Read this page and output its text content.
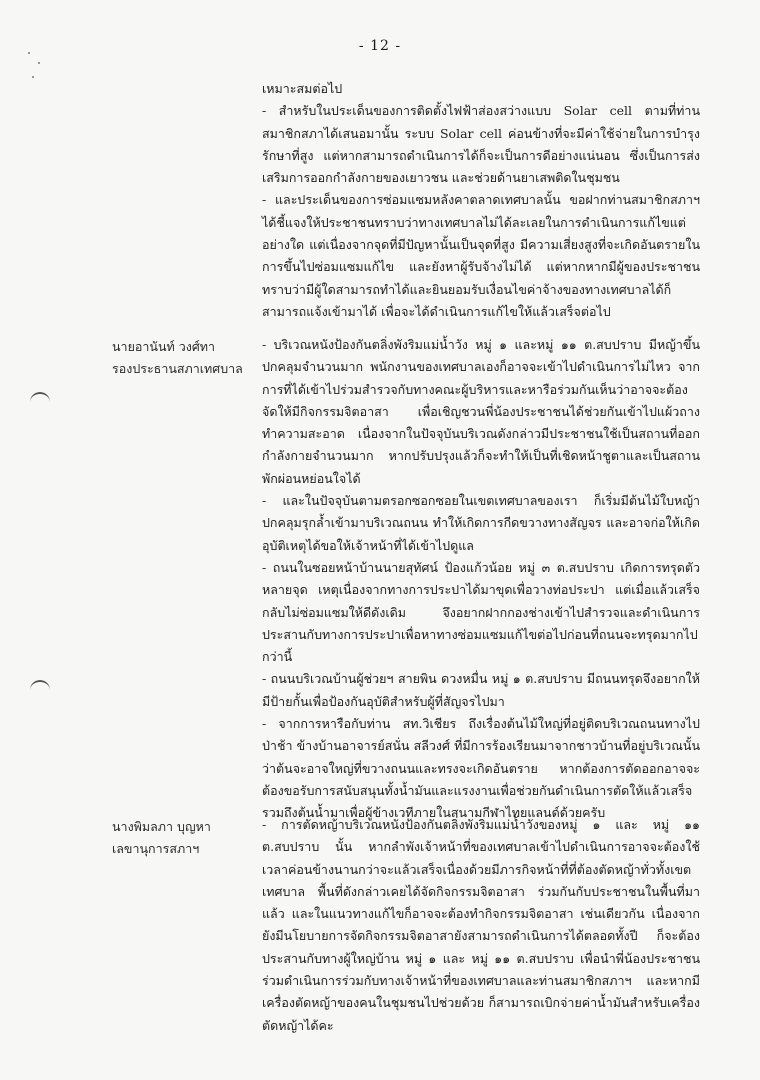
- 12 -
นายอานันท์ วงศ์ทา
รองประธานสภาเทศบาล
นางพิมลภา บุญหา
เลขานุการสภาฯ

เหมาะสมต่อไป

- สำหรับในประเด็นของการติดตั้งไฟฟ้าส่องสว่างแบบ Solar cell ตามที่ท่านสมาชิกสภาได้เสนอมานั้น ระบบ Solar cell ค่อนข้างที่จะมีค่าใช้จ่ายในการบำรุงรักษาที่สูง แต่หากสามารถดำเนินการได้ก็จะเป็นการดีอย่างแน่นอน ซึ่งเป็นการส่งเสริมการออกกำลังกายของเยาวชน และช่วยด้านยาเสพติดในชุมชน

- และประเด็นของการซ่อมแซมหลังคาตลาดเทศบาลนั้น ขอฝากท่านสมาชิกสภาฯ ได้ชี้แจงให้ประชาชนทราบว่าทางเทศบาลไม่ได้ละเลยในการดำเนินการแก้ไขแต่อย่างใด แต่เนื่องจากจุดที่มีปัญหานั้นเป็นจุดที่สูง มีความเสี่ยงสูงที่จะเกิดอันตรายในการขึ้นไปซ่อมแซมแก้ไข และยังหาผู้รับจ้างไม่ได้ แต่หากหากมีผู้ของประชาชนทราบว่ามีผู้ใดสามารถทำได้และยินยอมรับเงื่อนไขค่าจ้างของทางเทศบาลได้ก็สามารถแจ้งเข้ามาได้ เพื่อจะได้ดำเนินการแก้ไขให้แล้วเสร็จต่อไป

- บริเวณหนังป้องกันตลิ่งพังริมแม่น้ำวัง หมู่ ๑ และหมู่ ๑๑ ต.สบปราบ มีหญ้าขึ้นปกคลุมจำนวนมาก พนักงานของเทศบาลเองก็อาจจะเข้าไปดำเนินการไม่ไหว จากการที่ได้เข้าไปร่วมสำรวจกับทางคณะผู้บริหารและหารือร่วมกันเห็นว่าอาจจะต้องจัดให้มีกิจกรรมจิตอาสา เพื่อเชิญชวนพี่น้องประชาชนได้ช่วยกันเข้าไปแผ้วถางทำความสะอาด เนื่องจากในปัจจุบันบริเวณดังกล่าวมีประชาชนใช้เป็นสถานที่ออกกำลังกายจำนวนมาก หากปรับปรุงแล้วก็จะทำให้เป็นที่เชิดหน้าชูตาและเป็นสถานพักผ่อนหย่อนใจได้

- และในปัจจุบันตามตรอกซอกซอยในเขตเทศบาลของเรา ก็เริ่มมีต้นไม้ใบหญ้าปกคลุมรุกล้ำเข้ามาบริเวณถนน ทำให้เกิดการกีดขวางทางสัญจร และอาจก่อให้เกิดอุบัติเหตุได้ขอให้เจ้าหน้าที่ได้เข้าไปดูแล

- ถนนในซอยหน้าบ้านนายสุทัศน์ ป้องแก้วน้อย หมู่ ๓ ต.สบปราบ เกิดการทรุดตัวหลายจุด เหตุเนื่องจากทางการประปาได้มาขุดเพื่อวางท่อประปา แต่เมื่อแล้วเสร็จกลับไม่ซ่อมแซมให้ดีดังเดิม จึงอยากฝากกองช่างเข้าไปสำรวจและดำเนินการประสานกับทางการประปาเพื่อหาทางซ่อมแซมแก้ไขต่อไปก่อนที่ถนนจะทรุดมากไปกว่านี้

- ถนนบริเวณบ้านผู้ช่วยฯ สายพิน ดวงหมื่น หมู่ ๑ ต.สบปราบ มีถนนทรุดจึงอยากให้มีป้ายกั้นเพื่อป้องกันอุบัติสำหรับผู้ที่สัญจรไปมา

- จากการหารือกับท่าน สท.วิเชียร ถึงเรื่องต้นไม้ใหญ่ที่อยู่ติดบริเวณถนนทางไปป่าช้า ข้างบ้านอาจารย์สนั่น สลีวงศ์ ที่มีการร้องเรียนมาจากชาวบ้านที่อยู่บริเวณนั้นว่าต้นจะอาจใหญ่ที่ขวางถนนและทรงจะเกิดอันตราย หากต้องการตัดออกอาจจะต้องขอรับการสนับสนุนทั้งน้ำมันและแรงงานเพื่อช่วยกันดำเนินการตัดให้แล้วเสร็จ รวมถึงต้นน้ำมาเพื่อผู้ข้างเวทีภายในสนามกีฬาไทยแลนด์ด้วยครับ

- การตัดหญ้าบริเวณหนังป้องกันตลิ่งพังริมแม่น้ำวังของหมู่ ๑ และ หมู่ ๑๑ ต.สบปราบ นั้น หากลำพังเจ้าหน้าที่ของเทศบาลเข้าไปดำเนินการอาจจะต้องใช้เวลาค่อนข้างนานกว่าจะแล้วเสร็จเนื่องด้วยมีภารกิจหน้าที่ที่ต้องตัดหญ้าทั่วทั้งเขตเทศบาล พื้นที่ดังกล่าวเคยได้จัดกิจกรรมจิตอาสา ร่วมกันกับประชาชนในพื้นที่มาแล้ว และในแนวทางแก้ไขก็อาจจะต้องทำกิจกรรมจิตอาสา เช่นเดียวกัน เนื่องจากยังมีนโยบายการจัดกิจกรรมจิตอาสายังสามารถดำเนินการได้ตลอดทั้งปี ก็จะต้องประสานกับทางผู้ใหญ่บ้าน หมู่ ๑ และ หมู่ ๑๑ ต.สบปราบ เพื่อนำพี่น้องประชาชนร่วมดำเนินการร่วมกับทางเจ้าหน้าที่ของเทศบาลและท่านสมาชิกสภาฯ และหากมีเครื่องตัดหญ้าของคนในชุมชนไปช่วยด้วย ก็สามารถเบิกจ่ายค่าน้ำมันสำหรับเครื่องตัดหญ้าได้คะ
